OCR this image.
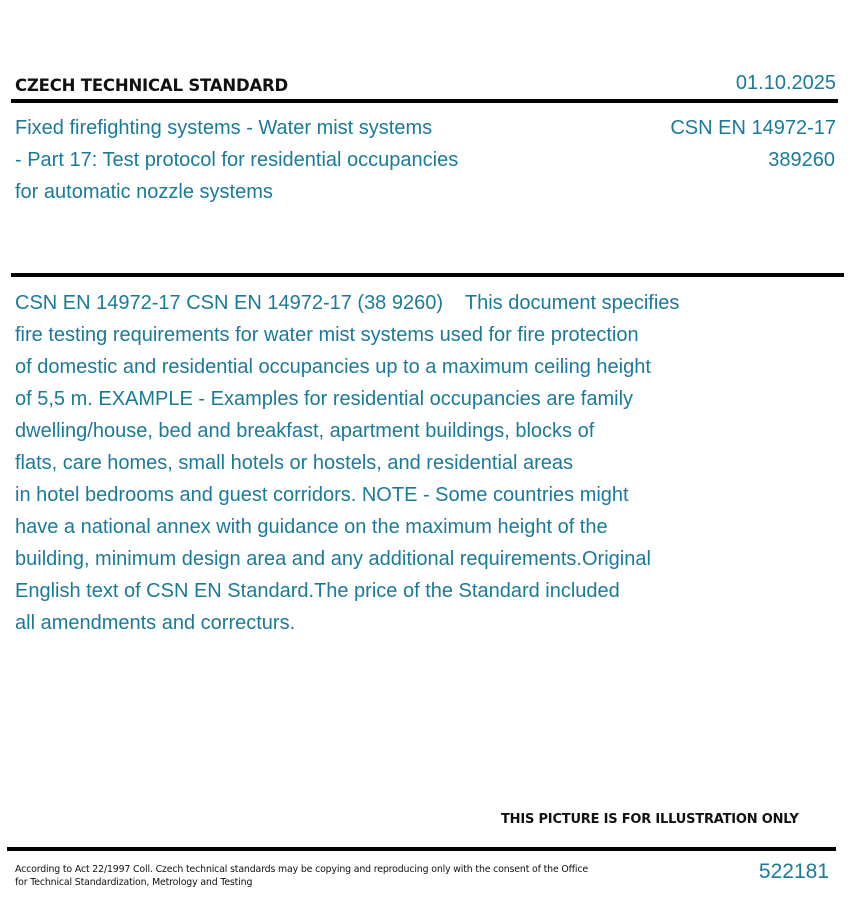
CZECH TECHNICAL STANDARD	01.10.2025
Fixed firefighting systems - Water mist systems
- Part 17: Test protocol for residential occupancies
for automatic nozzle systems
CSN EN 14972-17
389260
CSN EN 14972-17 CSN EN 14972-17 (38 9260)    This document specifies
fire testing requirements for water mist systems used for fire protection
of domestic and residential occupancies up to a maximum ceiling height
of 5,5 m. EXAMPLE - Examples for residential occupancies are family
dwelling/house, bed and breakfast, apartment buildings, blocks of
flats, care homes, small hotels or hostels, and residential areas
in hotel bedrooms and guest corridors. NOTE - Some countries might
have a national annex with guidance on the maximum height of the
building, minimum design area and any additional requirements.Original
English text of CSN EN Standard.The price of the Standard included
all amendments and correcturs.
THIS PICTURE IS FOR ILLUSTRATION ONLY
According to Act 22/1997 Coll. Czech technical standards may be copying and reproducing only with the consent of the Office
for Technical Standardization, Metrology and Testing	522181
